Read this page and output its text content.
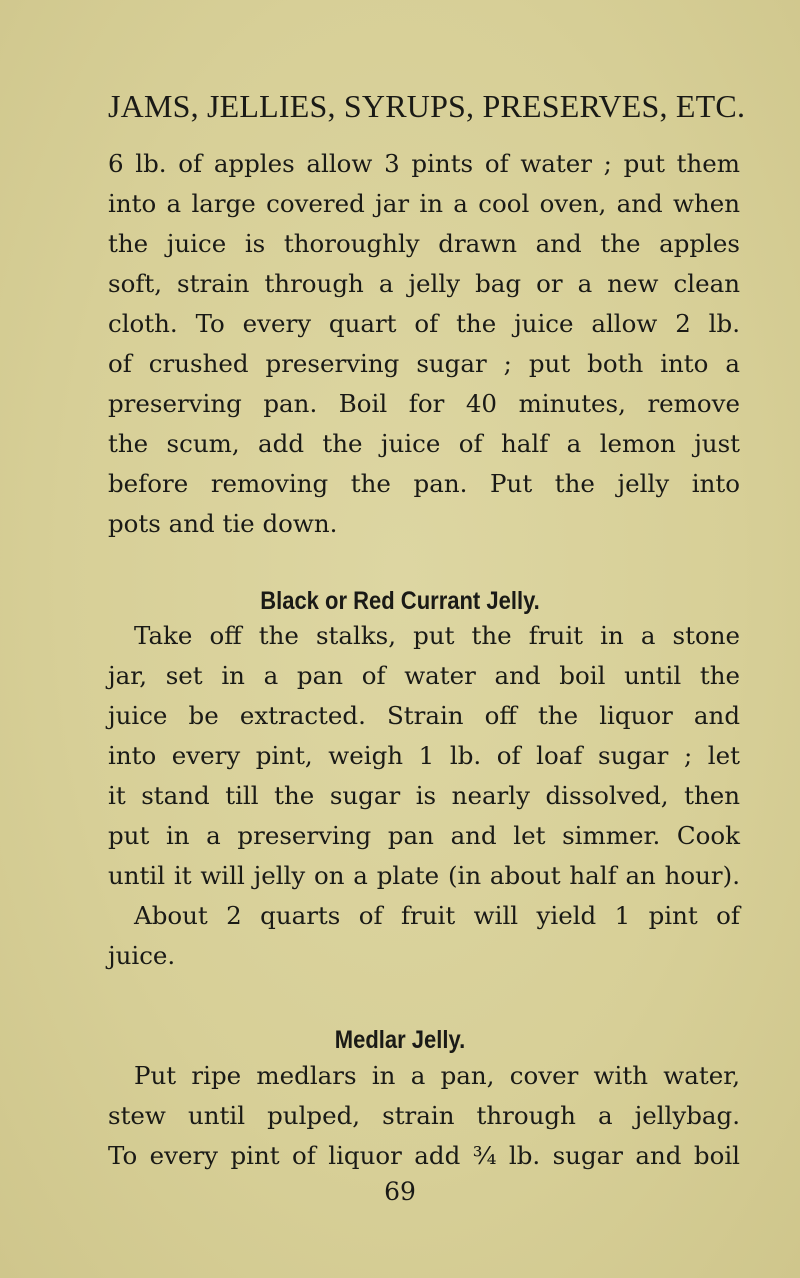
JAMS, JELLIES, SYRUPS, PRESERVES, ETC.
6 lb. of apples allow 3 pints of water ; put them
into a large covered jar in a cool oven, and when
the juice is thoroughly drawn and the apples
soft, strain through a jelly bag or a new clean
cloth. To every quart of the juice allow 2 lb.
of crushed preserving sugar ; put both into a
preserving pan. Boil for 40 minutes, remove
the scum, add the juice of half a lemon just
before removing the pan. Put the jelly into
pots and tie down.
Black or Red Currant Jelly.
Take off the stalks, put the fruit in a stone
jar, set in a pan of water and boil until the
juice be extracted. Strain off the liquor and
into every pint, weigh 1 lb. of loaf sugar ; let
it stand till the sugar is nearly dissolved, then
put in a preserving pan and let simmer. Cook
until it will jelly on a plate (in about half an hour).
About 2 quarts of fruit will yield 1 pint of
juice.
Medlar Jelly.
Put ripe medlars in a pan, cover with water,
stew until pulped, strain through a jellybag.
To every pint of liquor add ¾ lb. sugar and boil
69
